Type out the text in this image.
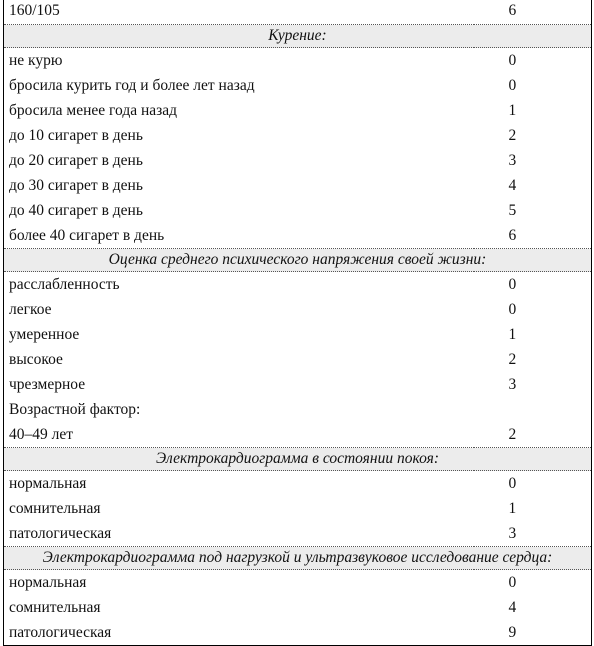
160/105	6
Курение:	
не курю	0
бросила курить год и более лет назад	0
бросила менее года назад	1
до 10 сигарет в день	2
до 20 сигарет в день	3
до 30 сигарет в день	4
до 40 сигарет в день	5
более 40 сигарет в день	6
Оценка среднего психического напряжения своей жизни:	
расслабленность	0
легкое	0
умеренное	1
высокое	2
чрезмерное	3
Возрастной фактор:	
40–49 лет	2
Электрокардиограмма в состоянии покоя:	
нормальная	0
сомнительная	1
патологическая	3
Электрокардиограмма под нагрузкой и ультразвуковое исследование сердца:	
нормальная	0
сомнительная	4
патологическая	9
